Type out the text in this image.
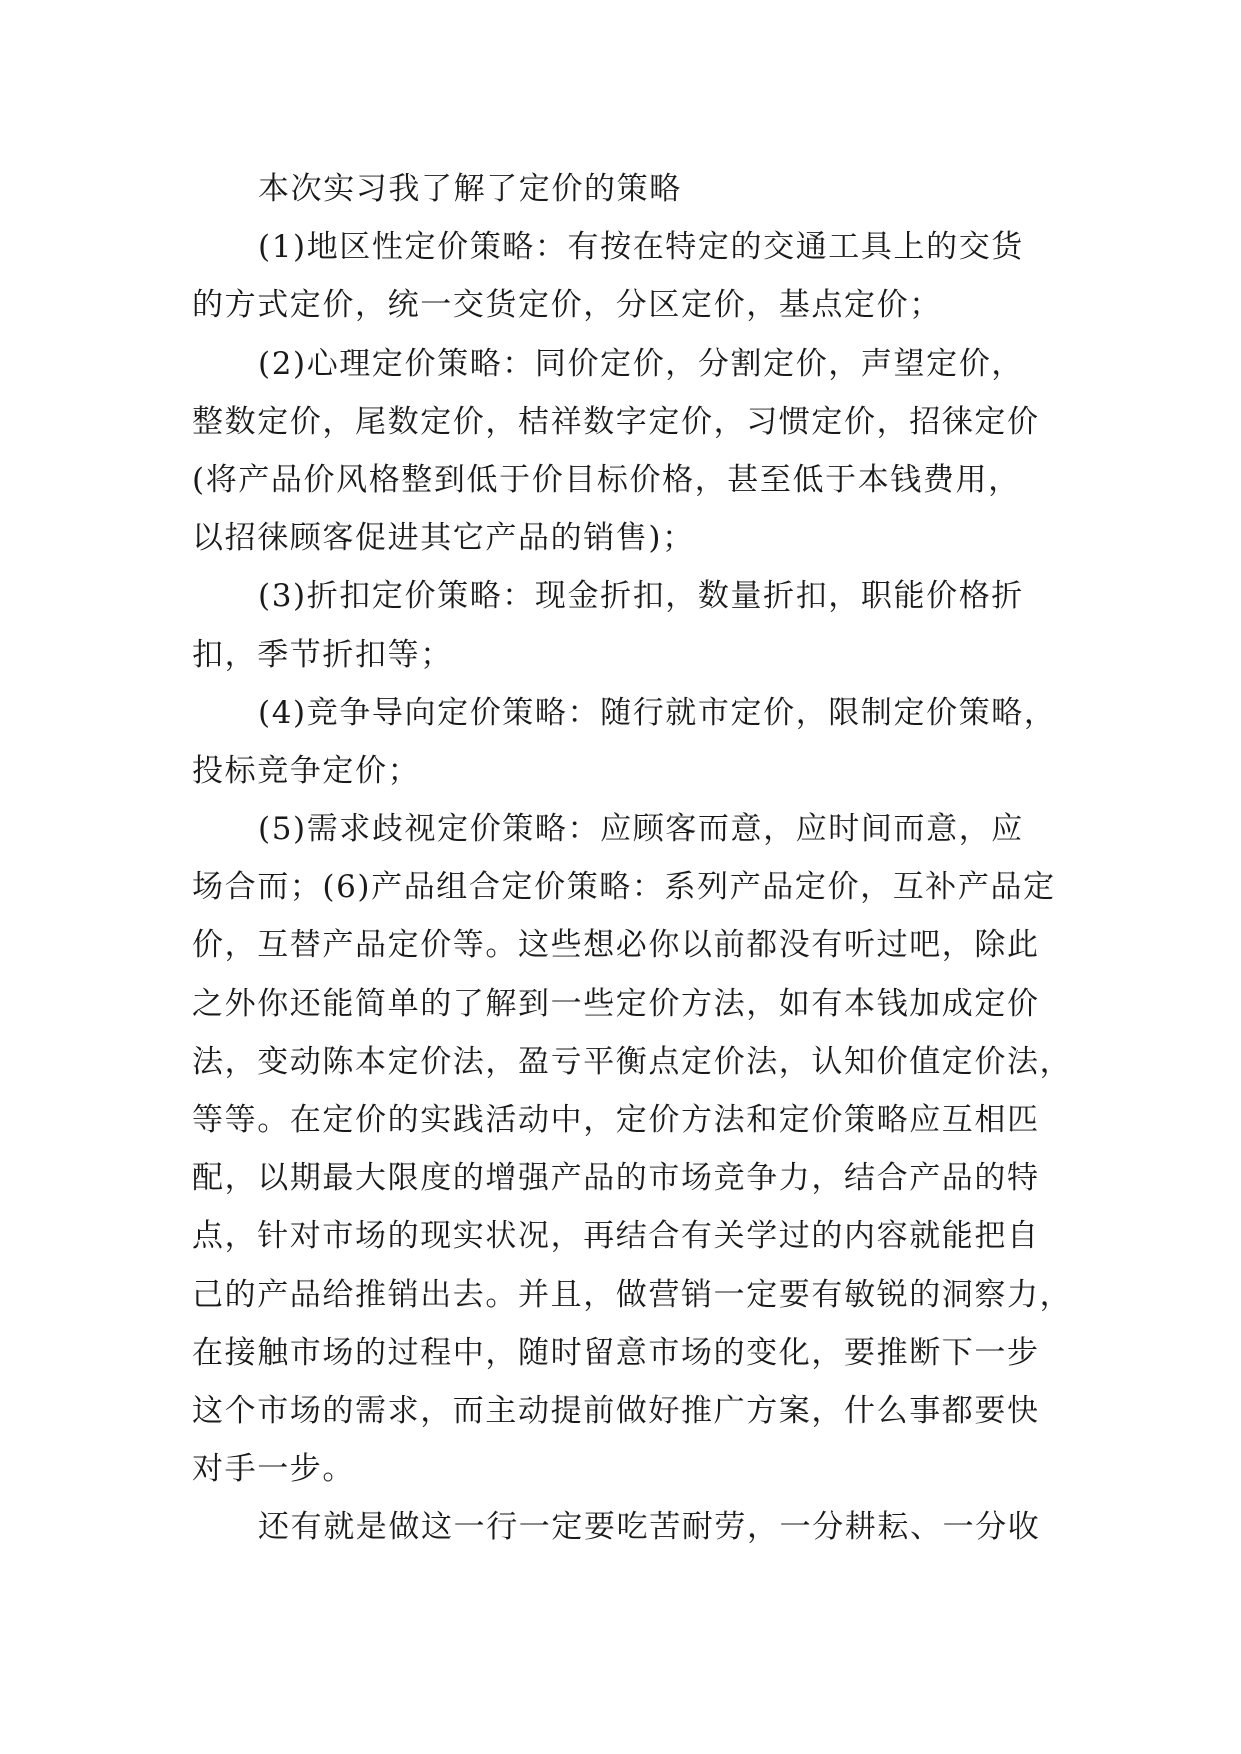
本次实习我了解了定价的策略

(1)地区性定价策略：有按在特定的交通工具上的交货

的方式定价，统一交货定价，分区定价，基点定价；

(2)心理定价策略：同价定价，分割定价，声望定价，

整数定价，尾数定价，桔祥数字定价，习惯定价，招徕定价

(将产品价风格整到低于价目标价格，甚至低于本钱费用，

以招徕顾客促进其它产品的销售)；

(3)折扣定价策略：现金折扣，数量折扣，职能价格折

扣，季节折扣等；

(4)竞争导向定价策略：随行就市定价，限制定价策略，

投标竞争定价；

(5)需求歧视定价策略：应顾客而意，应时间而意，应

场合而；(6)产品组合定价策略：系列产品定价，互补产品定

价，互替产品定价等。这些想必你以前都没有听过吧，除此

之外你还能简单的了解到一些定价方法，如有本钱加成定价

法，变动陈本定价法，盈亏平衡点定价法，认知价值定价法，

等等。在定价的实践活动中，定价方法和定价策略应互相匹

配，以期最大限度的增强产品的市场竞争力，结合产品的特

点，针对市场的现实状况，再结合有关学过的内容就能把自

己的产品给推销出去。并且，做营销一定要有敏锐的洞察力，

在接触市场的过程中，随时留意市场的变化，要推断下一步

这个市场的需求，而主动提前做好推广方案，什么事都要快

对手一步。

还有就是做这一行一定要吃苦耐劳，一分耕耘、一分收
